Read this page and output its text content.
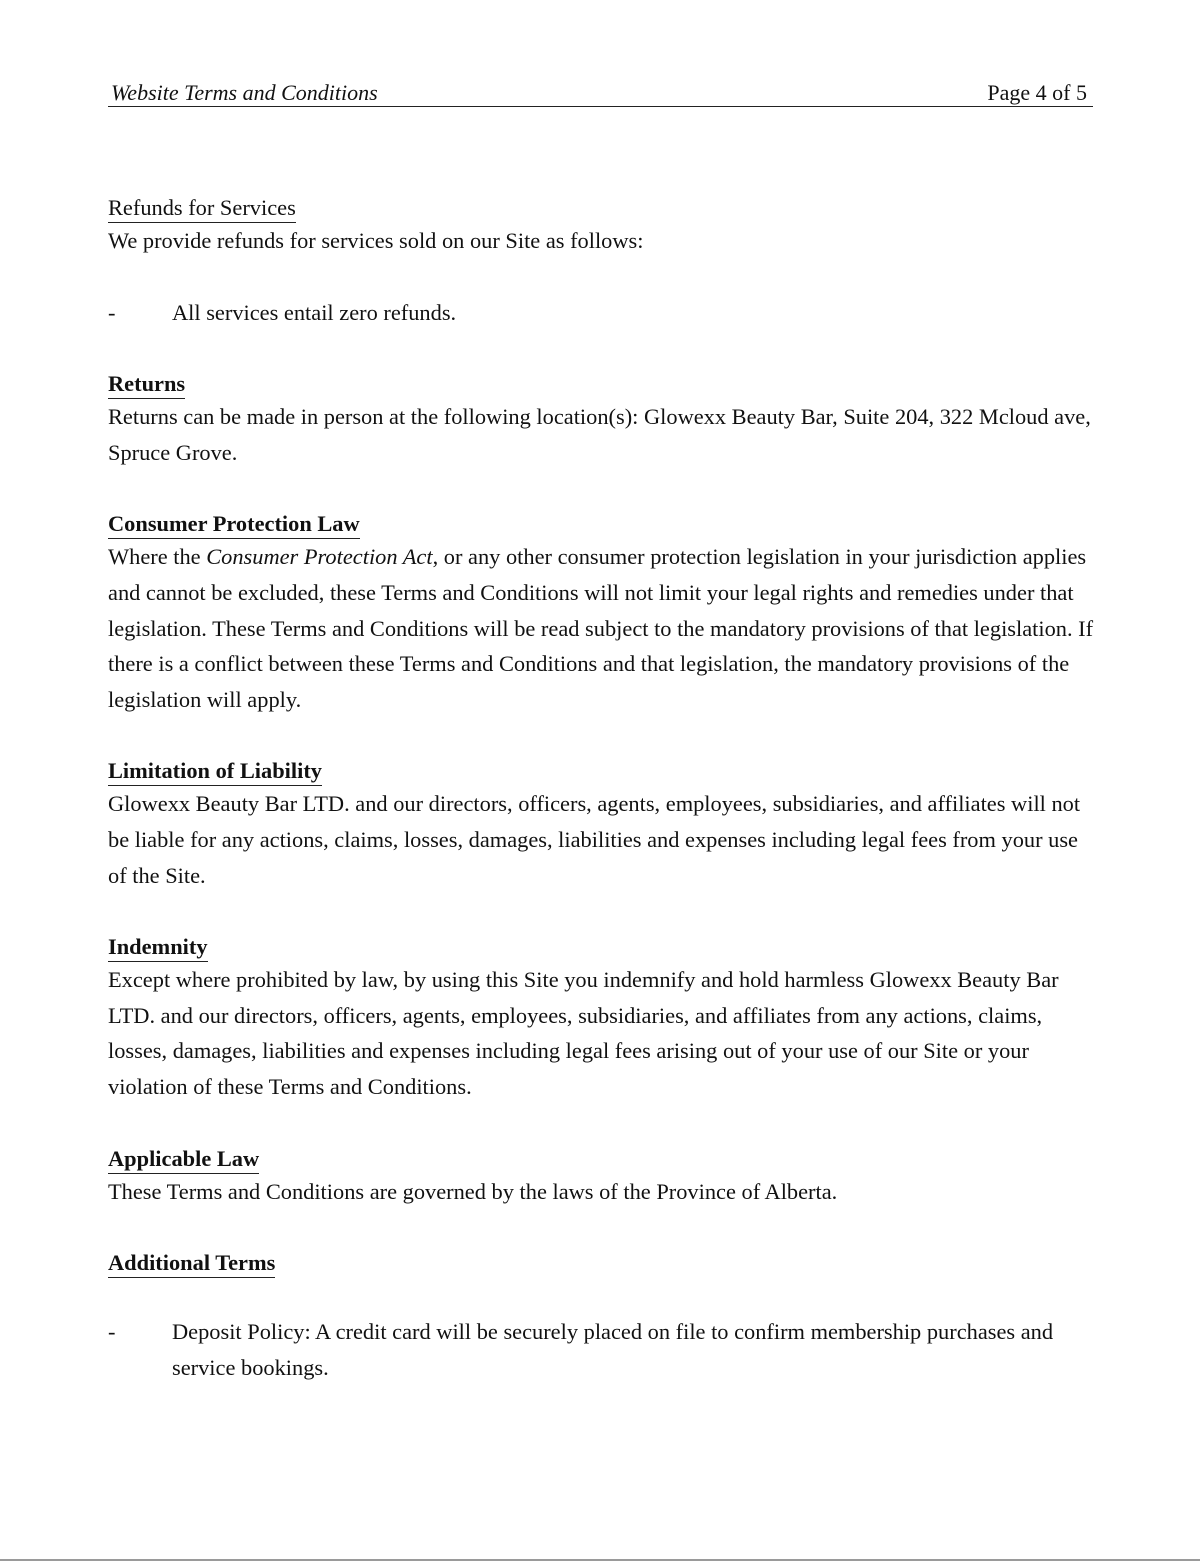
Website Terms and Conditions	Page 4 of 5
Refunds for Services

We provide refunds for services sold on our Site as follows:

-	All services entail zero refunds.
Returns

Returns can be made in person at the following location(s): Glowexx Beauty Bar, Suite 204, 322 Mcloud ave, Spruce Grove.

Consumer Protection Law

Where the Consumer Protection Act, or any other consumer protection legislation in your jurisdiction applies and cannot be excluded, these Terms and Conditions will not limit your legal rights and remedies under that legislation. These Terms and Conditions will be read subject to the mandatory provisions of that legislation. If there is a conflict between these Terms and Conditions and that legislation, the mandatory provisions of the legislation will apply.

Limitation of Liability

Glowexx Beauty Bar LTD. and our directors, officers, agents, employees, subsidiaries, and affiliates will not be liable for any actions, claims, losses, damages, liabilities and expenses including legal fees from your use of the Site.

Indemnity

Except where prohibited by law, by using this Site you indemnify and hold harmless Glowexx Beauty Bar LTD. and our directors, officers, agents, employees, subsidiaries, and affiliates from any actions, claims, losses, damages, liabilities and expenses including legal fees arising out of your use of our Site or your violation of these Terms and Conditions.

Applicable Law

These Terms and Conditions are governed by the laws of the Province of Alberta.

Additional Terms
-	Deposit Policy: A credit card will be securely placed on file to confirm membership purchases and service bookings.
